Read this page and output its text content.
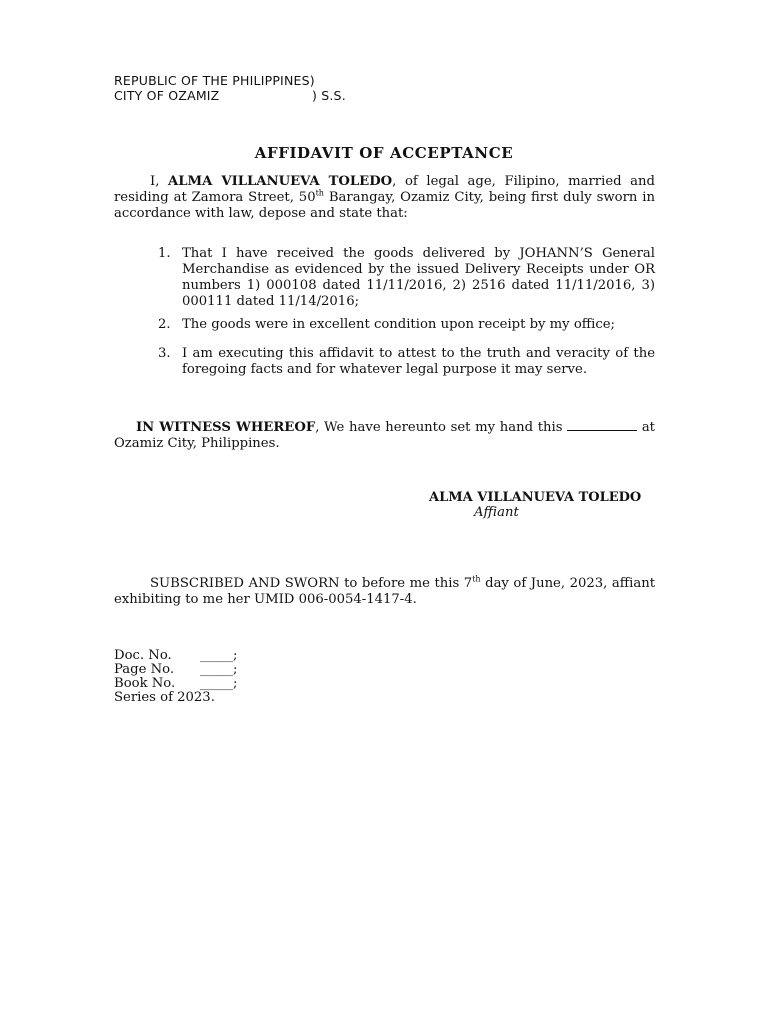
REPUBLIC OF THE PHILIPPINES)
CITY OF OZAMIZ	) S.S.
AFFIDAVIT OF ACCEPTANCE

I, ALMA VILLANUEVA TOLEDO, of legal age, Filipino, married and residing at Zamora Street, 50th Barangay, Ozamiz City, being first duly sworn in accordance with law, depose and state that:

1. That I have received the goods delivered by JOHANN’S General Merchandise as evidenced by the issued Delivery Receipts under OR numbers 1) 000108 dated 11/11/2016, 2) 2516 dated 11/11/2016, 3) 000111 dated 11/14/2016;
2. The goods were in excellent condition upon receipt by my office;
3. I am executing this affidavit to attest to the truth and veracity of the foregoing facts and for whatever legal purpose it may serve.

IN WITNESS WHEREOF, We have hereunto set my hand this	at Ozamiz City, Philippines.

ALMA VILLANUEVA TOLEDO
Affiant

SUBSCRIBED AND SWORN to before me this 7th day of June, 2023, affiant exhibiting to me her UMID 006-0054-1417-4.

Doc. No. _____;
Page No. _____;
Book No. _____;
Series of 2023.
